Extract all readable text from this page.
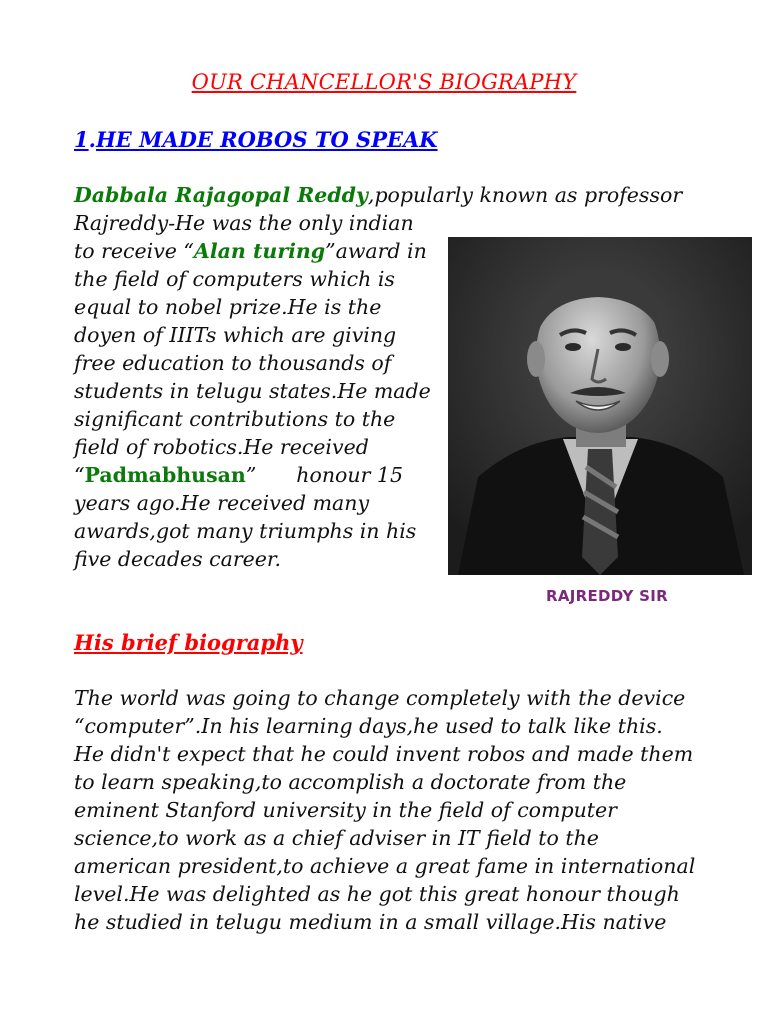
OUR CHANCELLOR'S BIOGRAPHY
1.HE MADE ROBOS TO SPEAK

Dabbala Rajagopal Reddy,popularly known as professor

Rajreddy-He was the only indian

to receive “Alan turing”award in

the field of computers which is

equal to nobel prize.He is the

doyen of IIITs which are giving

free education to thousands of

students in telugu states.He made

significant contributions to the

field of robotics.He received

“Padmabhusan” honour 15

years ago.He received many

awards,got many triumphs in his

five decades career.

RAJREDDY SIR

His brief biography

The world was going to change completely with the device

“computer”.In his learning days,he used to talk like this.

He didn't expect that he could invent robos and made them

to learn speaking,to accomplish a doctorate from the

eminent Stanford university in the field of computer

science,to work as a chief adviser in IT field to the

american president,to achieve a great fame in international

level.He was delighted as he got this great honour though

he studied in telugu medium in a small village.His native
